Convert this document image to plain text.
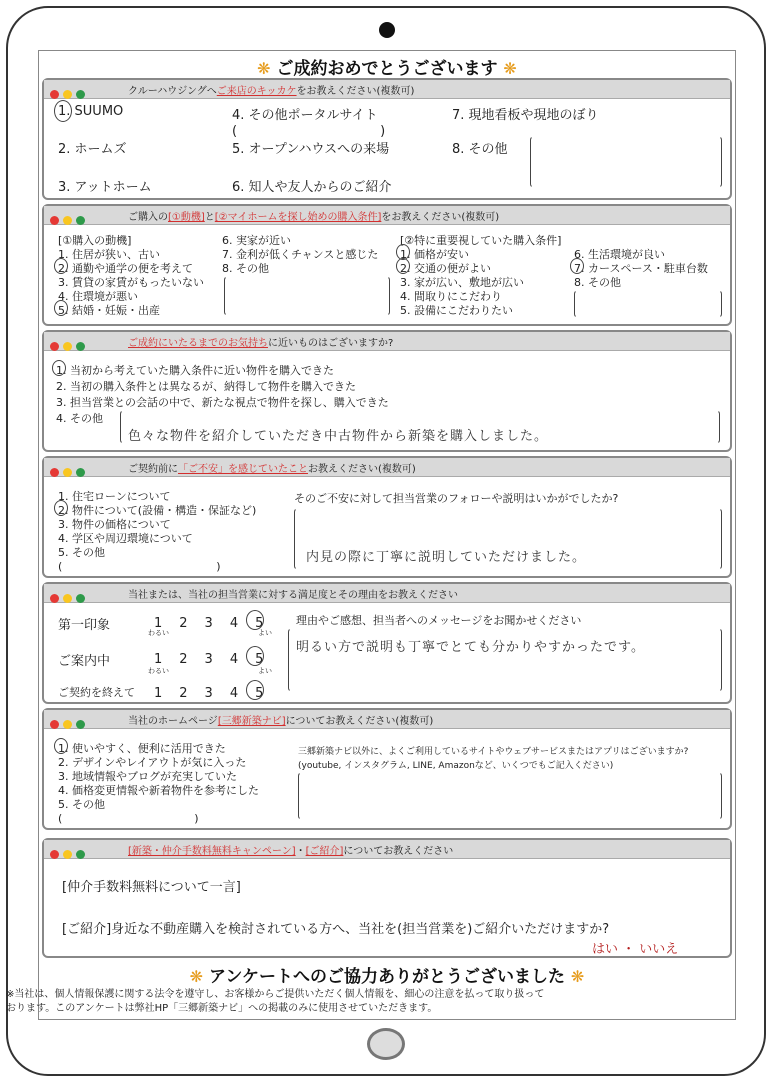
❋ ご成約おめでとうございます ❋
クルーハウジングへご来店のキッカケをお教えください(複数可)
1. SUUMO
2. ホームズ
3. アットホーム
4. その他ポータルサイト
(　　　　　　　　　　　)
5. オープンハウスへの来場
6. 知人や友人からのご紹介
7. 現地看板や現地のぼり
8. その他
ご購入の[①動機]と[②マイホームを探し始めの購入条件]をお教えください(複数可)
[①購入の動機]
1. 住居が狭い、古い
2. 通勤や通学の便を考えて
3. 賃貸の家賃がもったいない
4. 住環境が悪い
5. 結婚・妊娠・出産
6. 実家が近い
7. 金利が低くチャンスと感じた
8. その他
[②特に重要視していた購入条件]
1. 価格が安い
2. 交通の便がよい
3. 家が広い、敷地が広い
4. 間取りにこだわり
5. 設備にこだわりたい
6. 生活環境が良い
7. カースペース・駐車台数
8. その他
ご成約にいたるまでのお気持ちに近いものはございますか?
1. 当初から考えていた購入条件に近い物件を購入できた
2. 当初の購入条件とは異なるが、納得して物件を購入できた
3. 担当営業との会話の中で、新たな視点で物件を探し、購入できた
4. その他
色々な物件を紹介していただき中古物件から新築を購入しました。
ご契約前に「ご不安」を感じていたことお教えください(複数可)
1. 住宅ローンについて
2. 物件について(設備・構造・保証など)
3. 物件の価格について
4. 学区や周辺環境について
5. その他
(　　　　　　　　　　　　　　)
そのご不安に対して担当営業のフォローや説明はいかがでしたか?
内見の際に丁寧に説明していただけました。
当社または、当社の担当営業に対する満足度とその理由をお教えください
第一印象	1　2　3　4　5
わるい	よい
ご案内中	1　2　3　4　5
わるい	よい
ご契約を終えて 1　2　3　4　5
理由やご感想、担当者へのメッセージをお聞かせください
明るい方で説明も丁寧でとても分かりやすかったです。
当社のホームページ[三郷新築ナビ]についてお教えください(複数可)
1. 使いやすく、便利に活用できた
2. デザインやレイアウトが気に入った
3. 地域情報やブログが充実していた
4. 価格変更情報や新着物件を参考にした
5. その他
(　　　　　　　　　　　　)
三郷新築ナビ以外に、よくご利用しているサイトやウェブサービスまたはアプリはございますか?
(youtube, インスタグラム, LINE, Amazonなど、いくつでもご記入ください)
[新築・仲介手数料無料キャンペーン]・[ご紹介]についてお教えください
[仲介手数料無料について一言]
[ご紹介]身近な不動産購入を検討されている方へ、当社を(担当営業を)ご紹介いただけますか?
はい ・ いいえ
❋ アンケートへのご協力ありがとうございました ❋
※当社は、個人情報保護に関する法令を遵守し、お客様からご提供いただく個人情報を、細心の注意を払って取り扱って
おります。このアンケートは弊社HP「三郷新築ナビ」への掲載のみに使用させていただきます。
